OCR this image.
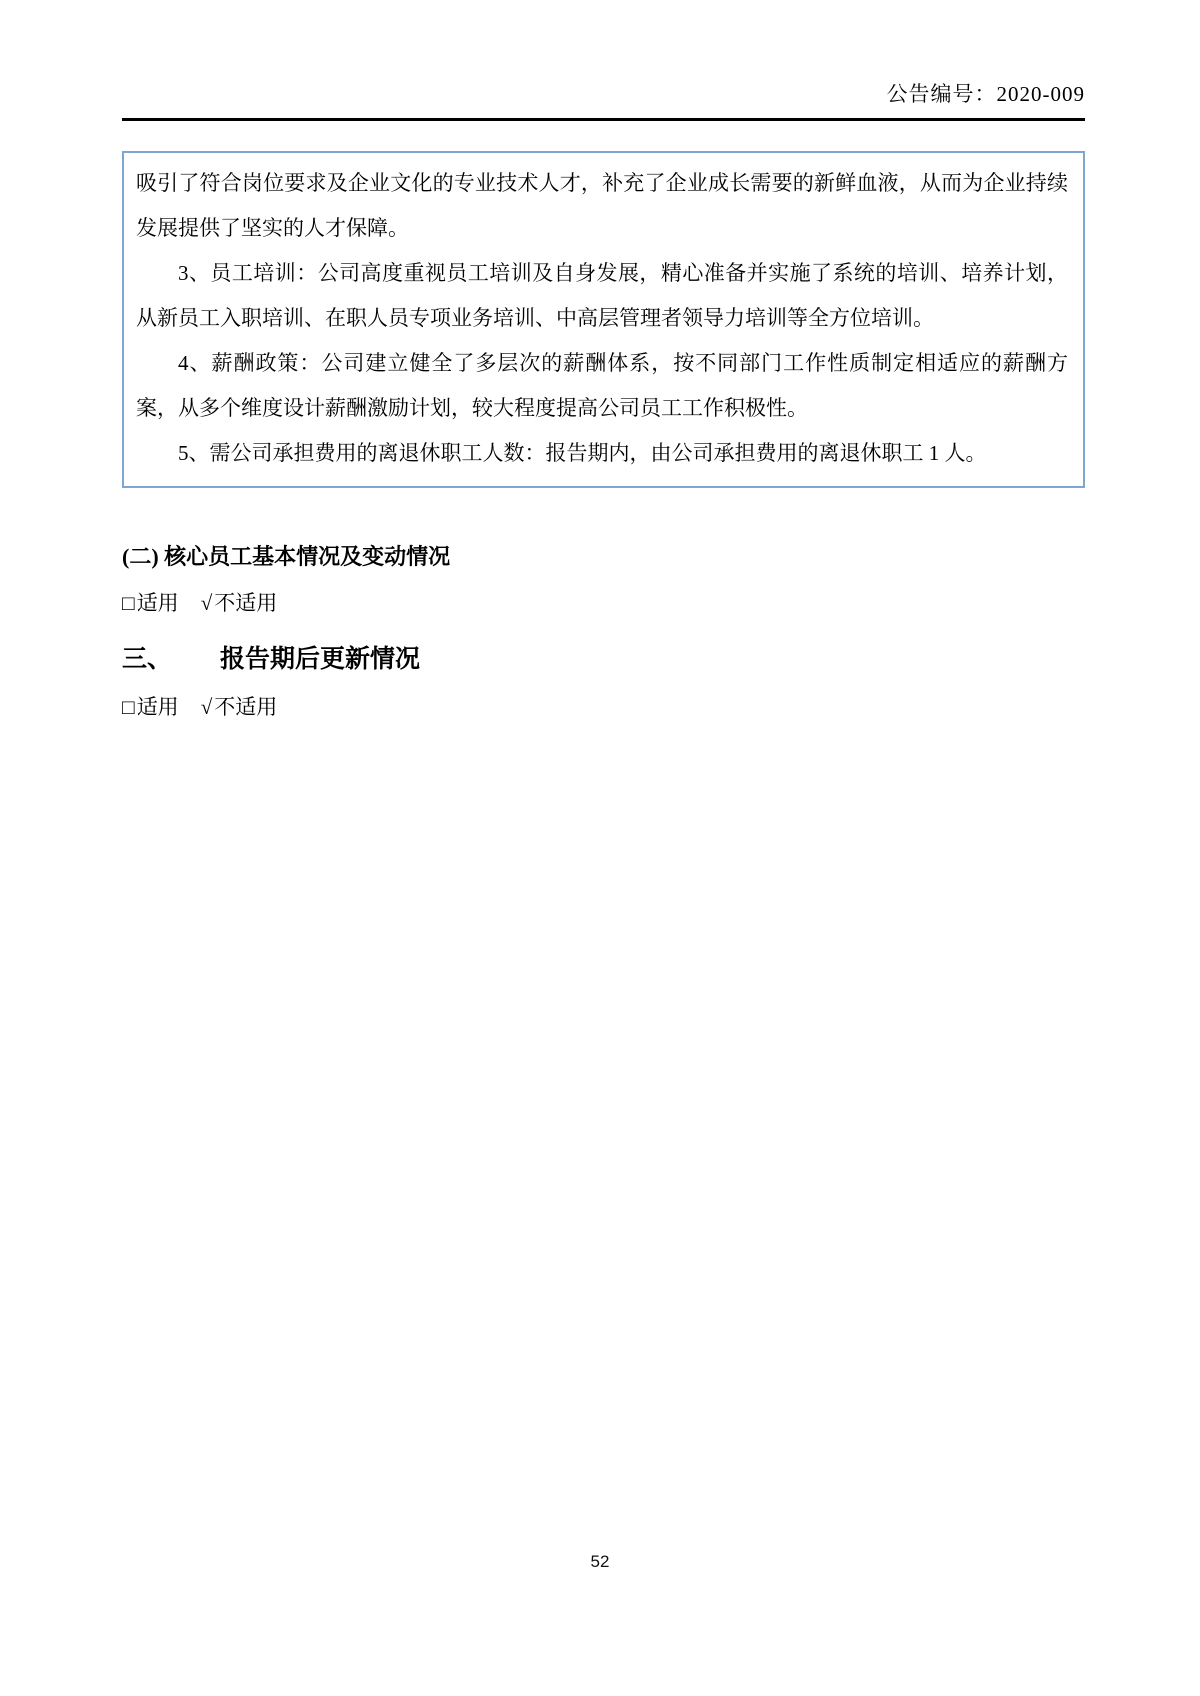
公告编号：2020-009

吸引了符合岗位要求及企业文化的专业技术人才，补充了企业成长需要的新鲜血液，从而为企业持续发展提供了坚实的人才保障。

3、员工培训：公司高度重视员工培训及自身发展，精心准备并实施了系统的培训、培养计划，从新员工入职培训、在职人员专项业务培训、中高层管理者领导力培训等全方位培训。

4、薪酬政策：公司建立健全了多层次的薪酬体系，按不同部门工作性质制定相适应的薪酬方案，从多个维度设计薪酬激励计划，较大程度提高公司员工工作积极性。

5、需公司承担费用的离退休职工人数：报告期内，由公司承担费用的离退休职工 1 人。

(二) 核心员工基本情况及变动情况
□适用 √不适用
三、 报告期后更新情况
□适用 √不适用
52
